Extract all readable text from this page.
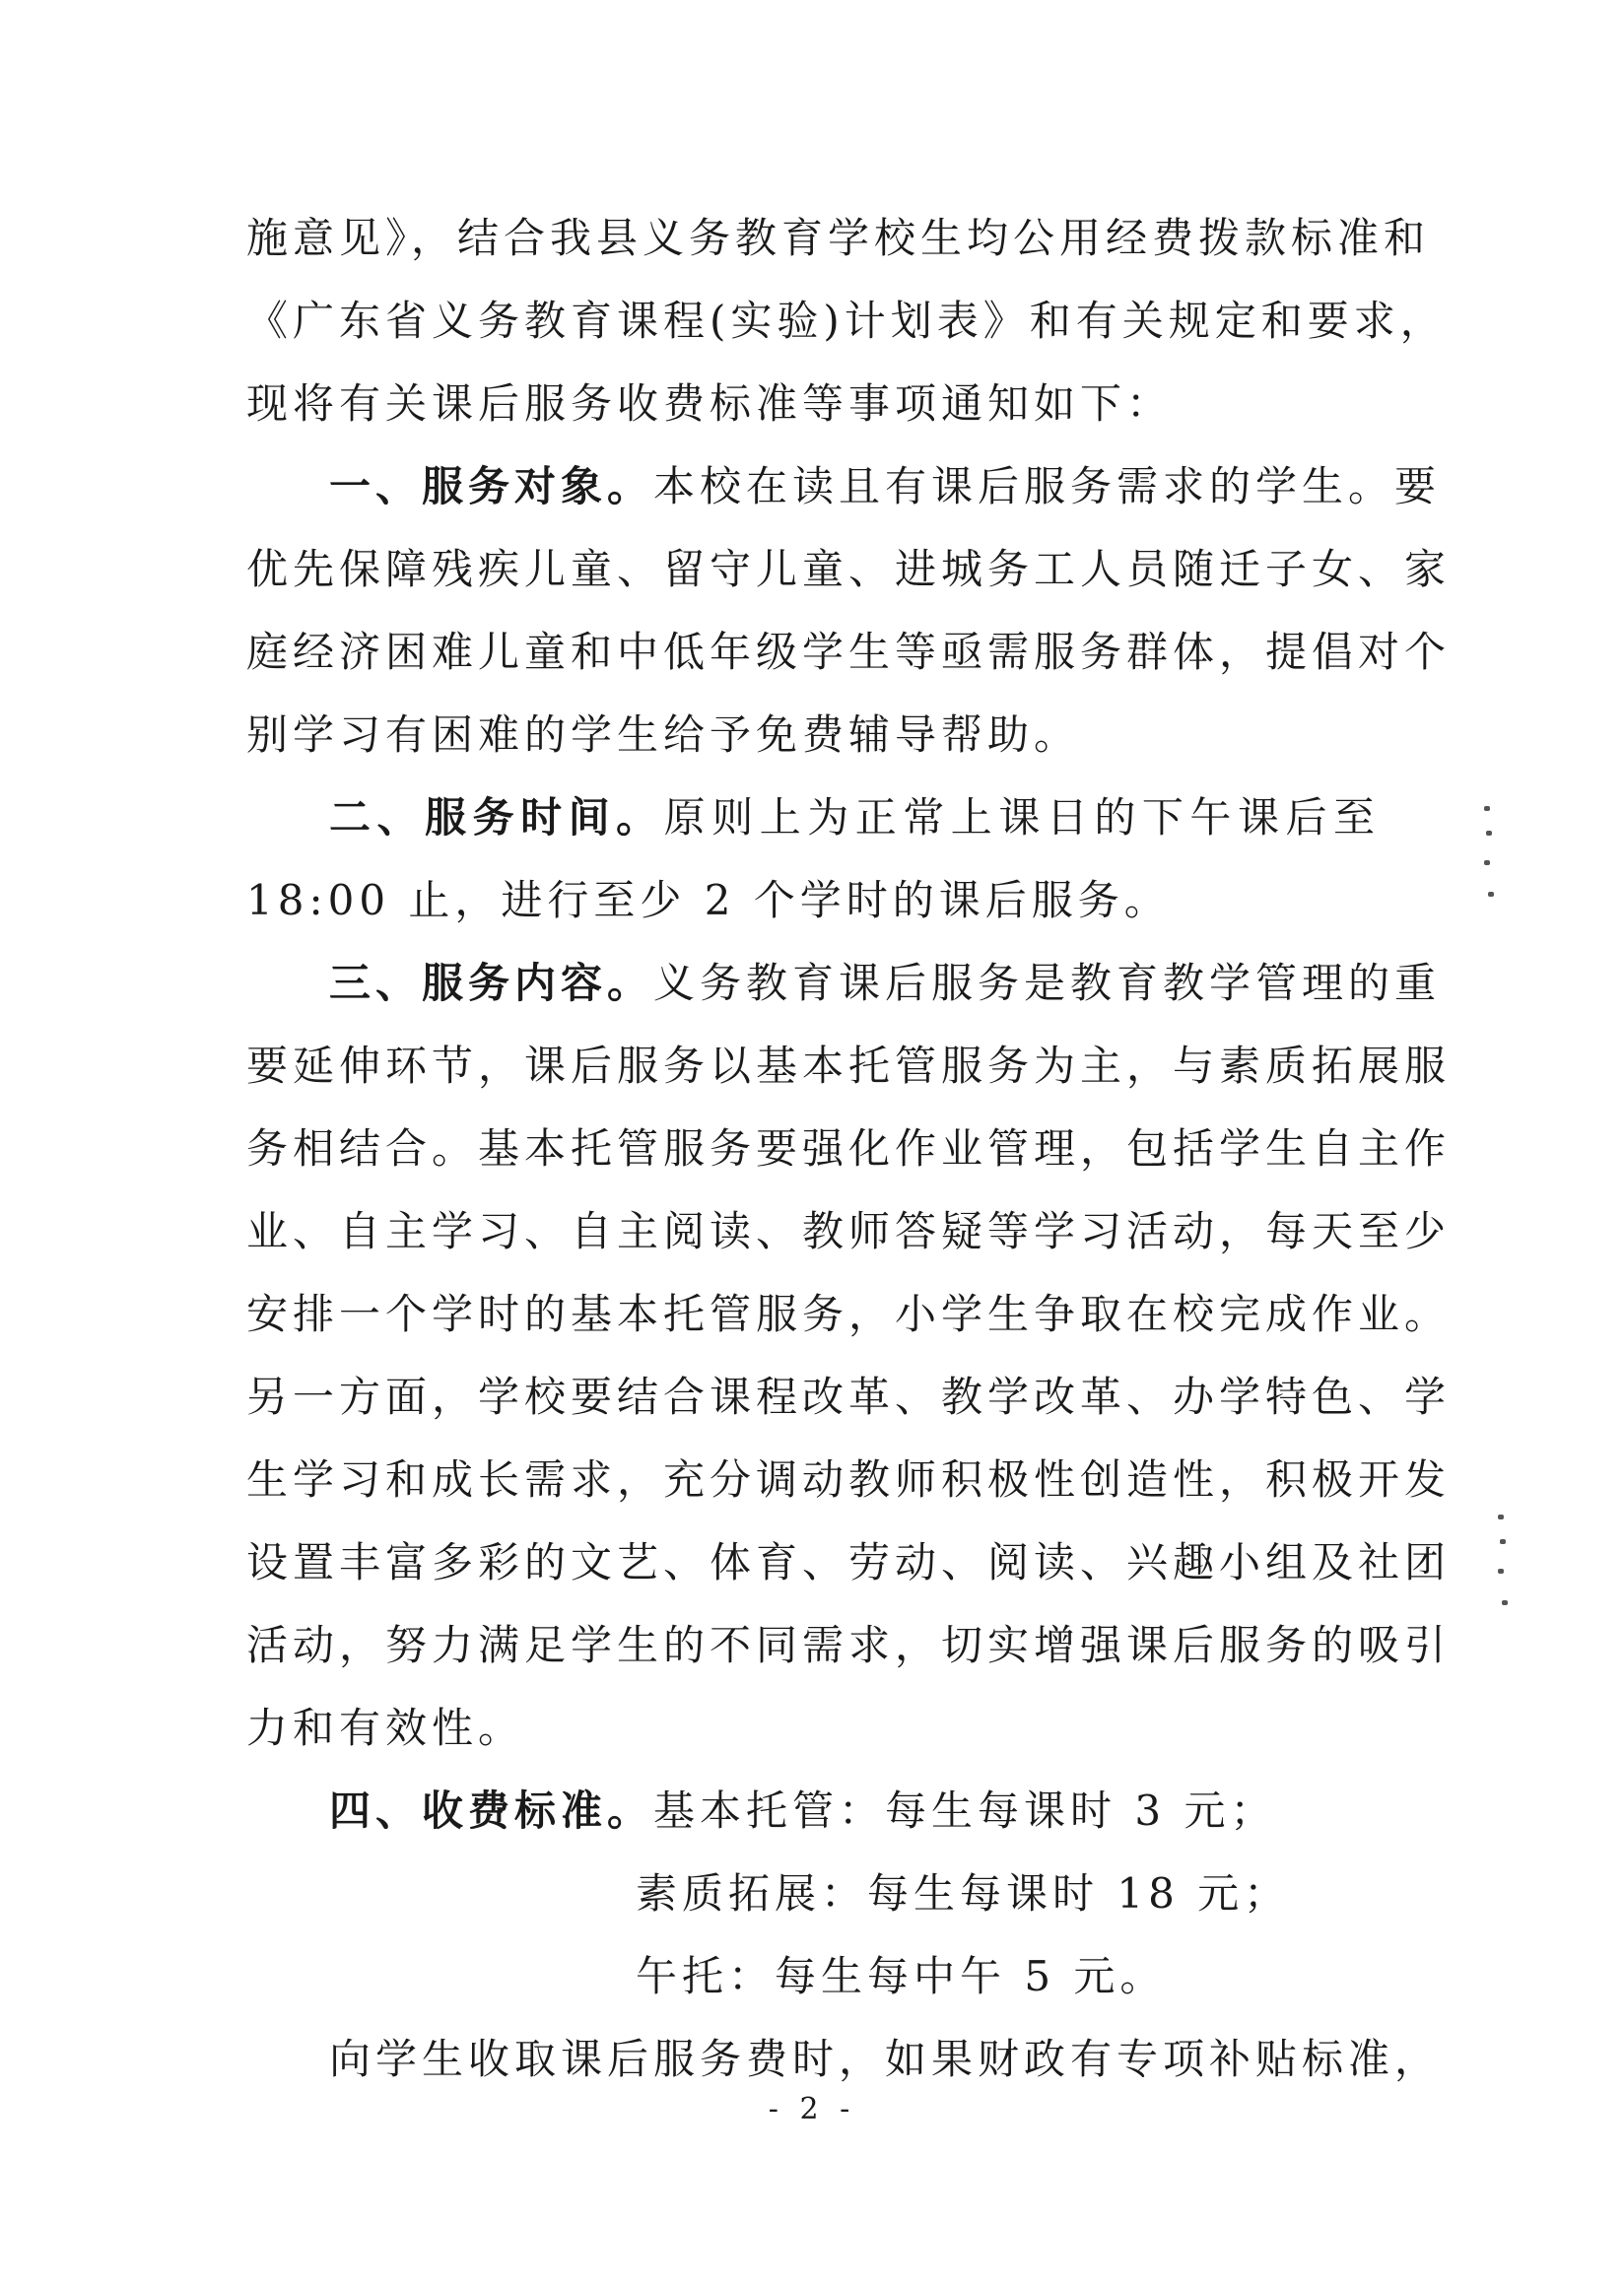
施意见》，结合我县义务教育学校生均公用经费拨款标准和
《广东省义务教育课程(实验)计划表》和有关规定和要求，
现将有关课后服务收费标准等事项通知如下：
一、服务对象。本校在读且有课后服务需求的学生。要
优先保障残疾儿童、留守儿童、进城务工人员随迁子女、家
庭经济困难儿童和中低年级学生等亟需服务群体，提倡对个
别学习有困难的学生给予免费辅导帮助。
二、服务时间。原则上为正常上课日的下午课后至
18:00 止，进行至少 2 个学时的课后服务。
三、服务内容。义务教育课后服务是教育教学管理的重
要延伸环节，课后服务以基本托管服务为主，与素质拓展服
务相结合。基本托管服务要强化作业管理，包括学生自主作
业、自主学习、自主阅读、教师答疑等学习活动，每天至少
安排一个学时的基本托管服务，小学生争取在校完成作业。
另一方面，学校要结合课程改革、教学改革、办学特色、学
生学习和成长需求，充分调动教师积极性创造性，积极开发
设置丰富多彩的文艺、体育、劳动、阅读、兴趣小组及社团
活动，努力满足学生的不同需求，切实增强课后服务的吸引
力和有效性。
四、收费标准。基本托管：每生每课时 3 元；
素质拓展：每生每课时 18 元；
午托：每生每中午 5 元。
向学生收取课后服务费时，如果财政有专项补贴标准，
- 2 -
